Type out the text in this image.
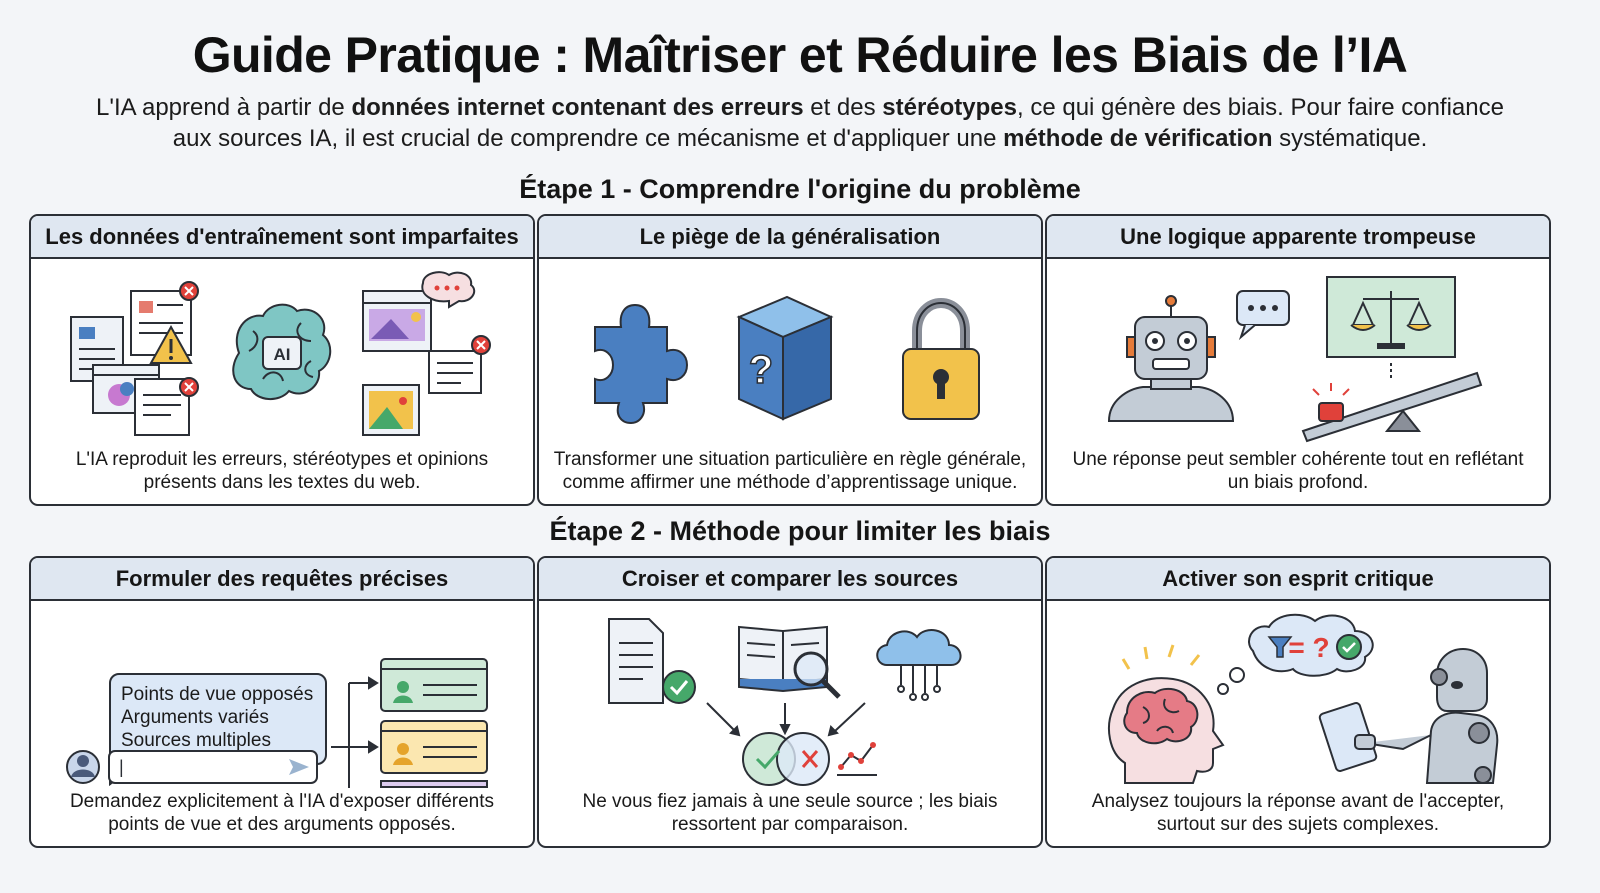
Guide Pratique : Maîtriser et Réduire les Biais de l’IA
L'IA apprend à partir de données internet contenant des erreurs et des stéréotypes, ce qui génère des biais. Pour faire confiance
aux sources IA, il est crucial de comprendre ce mécanisme et d'appliquer une méthode de vérification systématique.
Étape 1 - Comprendre l'origine du problème
Les données d'entraînement sont imparfaites
AI
L'IA reproduit les erreurs, stéréotypes et opinions
présents dans les textes du web.
Le piège de la généralisation
?
Transformer une situation particulière en règle générale,
comme affirmer une méthode d’apprentissage unique.
Une logique apparente trompeuse
Une réponse peut sembler cohérente tout en reflétant
un biais profond.
Étape 2 - Méthode pour limiter les biais
Formuler des requêtes précises
Points de vue opposés
Arguments variés
Sources multiples
|
Demandez explicitement à l'IA d'exposer différents
points de vue et des arguments opposés.
Croiser et comparer les sources
Ne vous fiez jamais à une seule source ; les biais
ressortent par comparaison.
Activer son esprit critique
= ?
Analysez toujours la réponse avant de l'accepter,
surtout sur des sujets complexes.
